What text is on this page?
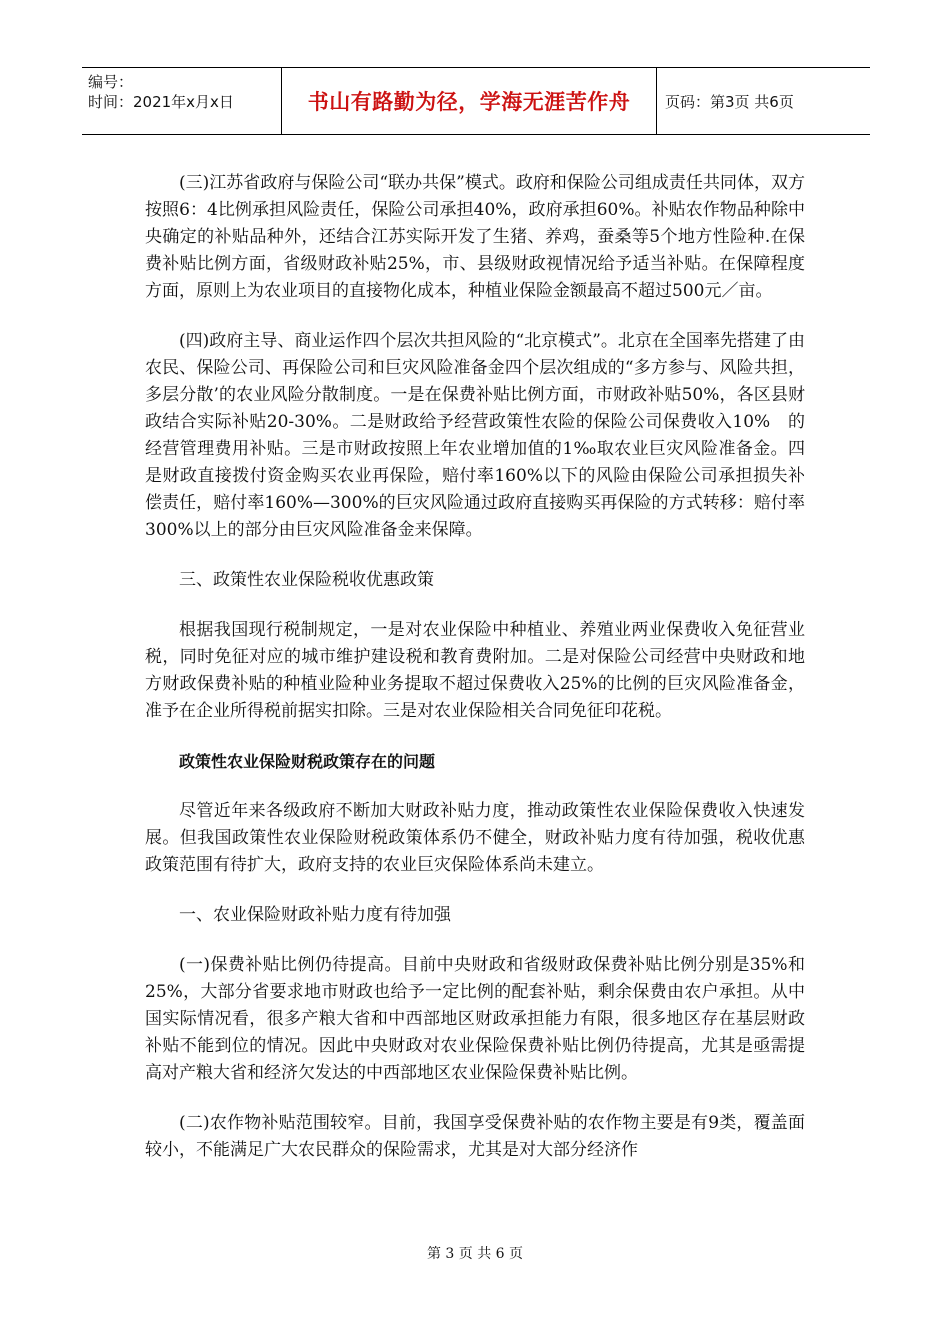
编号：
时间：2021年x月x日	书山有路勤为径，学海无涯苦作舟	页码：第3页 共6页

(三)江苏省政府与保险公司“联办共保”模式。政府和保险公司组成责任共同体，双方按照6：4比例承担风险责任，保险公司承担40%，政府承担60%。补贴农作物品种除中央确定的补贴品种外，还结合江苏实际开发了生猪、养鸡，蚕桑等5个地方性险种.在保费补贴比例方面，省级财政补贴25%，市、县级财政视情况给予适当补贴。在保障程度方面，原则上为农业项目的直接物化成本，种植业保险金额最高不超过500元／亩。

(四)政府主导、商业运作四个层次共担风险的“北京模式”。北京在全国率先搭建了由农民、保险公司、再保险公司和巨灾风险准备金四个层次组成的“多方参与、风险共担，多层分散’的农业风险分散制度。一是在保费补贴比例方面，市财政补贴50%，各区县财政结合实际补贴20-30%。二是财政给予经营政策性农险的保险公司保费收入10%　的经营管理费用补贴。三是市财政按照上年农业增加值的1‰取农业巨灾风险准备金。四是财政直接拨付资金购买农业再保险，赔付率160%以下的风险由保险公司承担损失补偿责任，赔付率160%—300%的巨灾风险通过政府直接购买再保险的方式转移：赔付率300%以上的部分由巨灾风险准备金来保障。

三、政策性农业保险税收优惠政策

根据我国现行税制规定，一是对农业保险中种植业、养殖业两业保费收入免征营业税，同时免征对应的城市维护建设税和教育费附加。二是对保险公司经营中央财政和地方财政保费补贴的种植业险种业务提取不超过保费收入25%的比例的巨灾风险准备金，准予在企业所得税前据实扣除。三是对农业保险相关合同免征印花税。

政策性农业保险财税政策存在的问题

尽管近年来各级政府不断加大财政补贴力度，推动政策性农业保险保费收入快速发展。但我国政策性农业保险财税政策体系仍不健全，财政补贴力度有待加强，税收优惠政策范围有待扩大，政府支持的农业巨灾保险体系尚未建立。

一、农业保险财政补贴力度有待加强

(一)保费补贴比例仍待提高。目前中央财政和省级财政保费补贴比例分别是35%和25%，大部分省要求地市财政也给予一定比例的配套补贴，剩余保费由农户承担。从中国实际情况看，很多产粮大省和中西部地区财政承担能力有限，很多地区存在基层财政补贴不能到位的情况。因此中央财政对农业保险保费补贴比例仍待提高，尤其是亟需提高对产粮大省和经济欠发达的中西部地区农业保险保费补贴比例。

(二)农作物补贴范围较窄。目前，我国享受保费补贴的农作物主要是有9类，覆盖面较小，不能满足广大农民群众的保险需求，尤其是对大部分经济作

第 3 页 共 6 页
